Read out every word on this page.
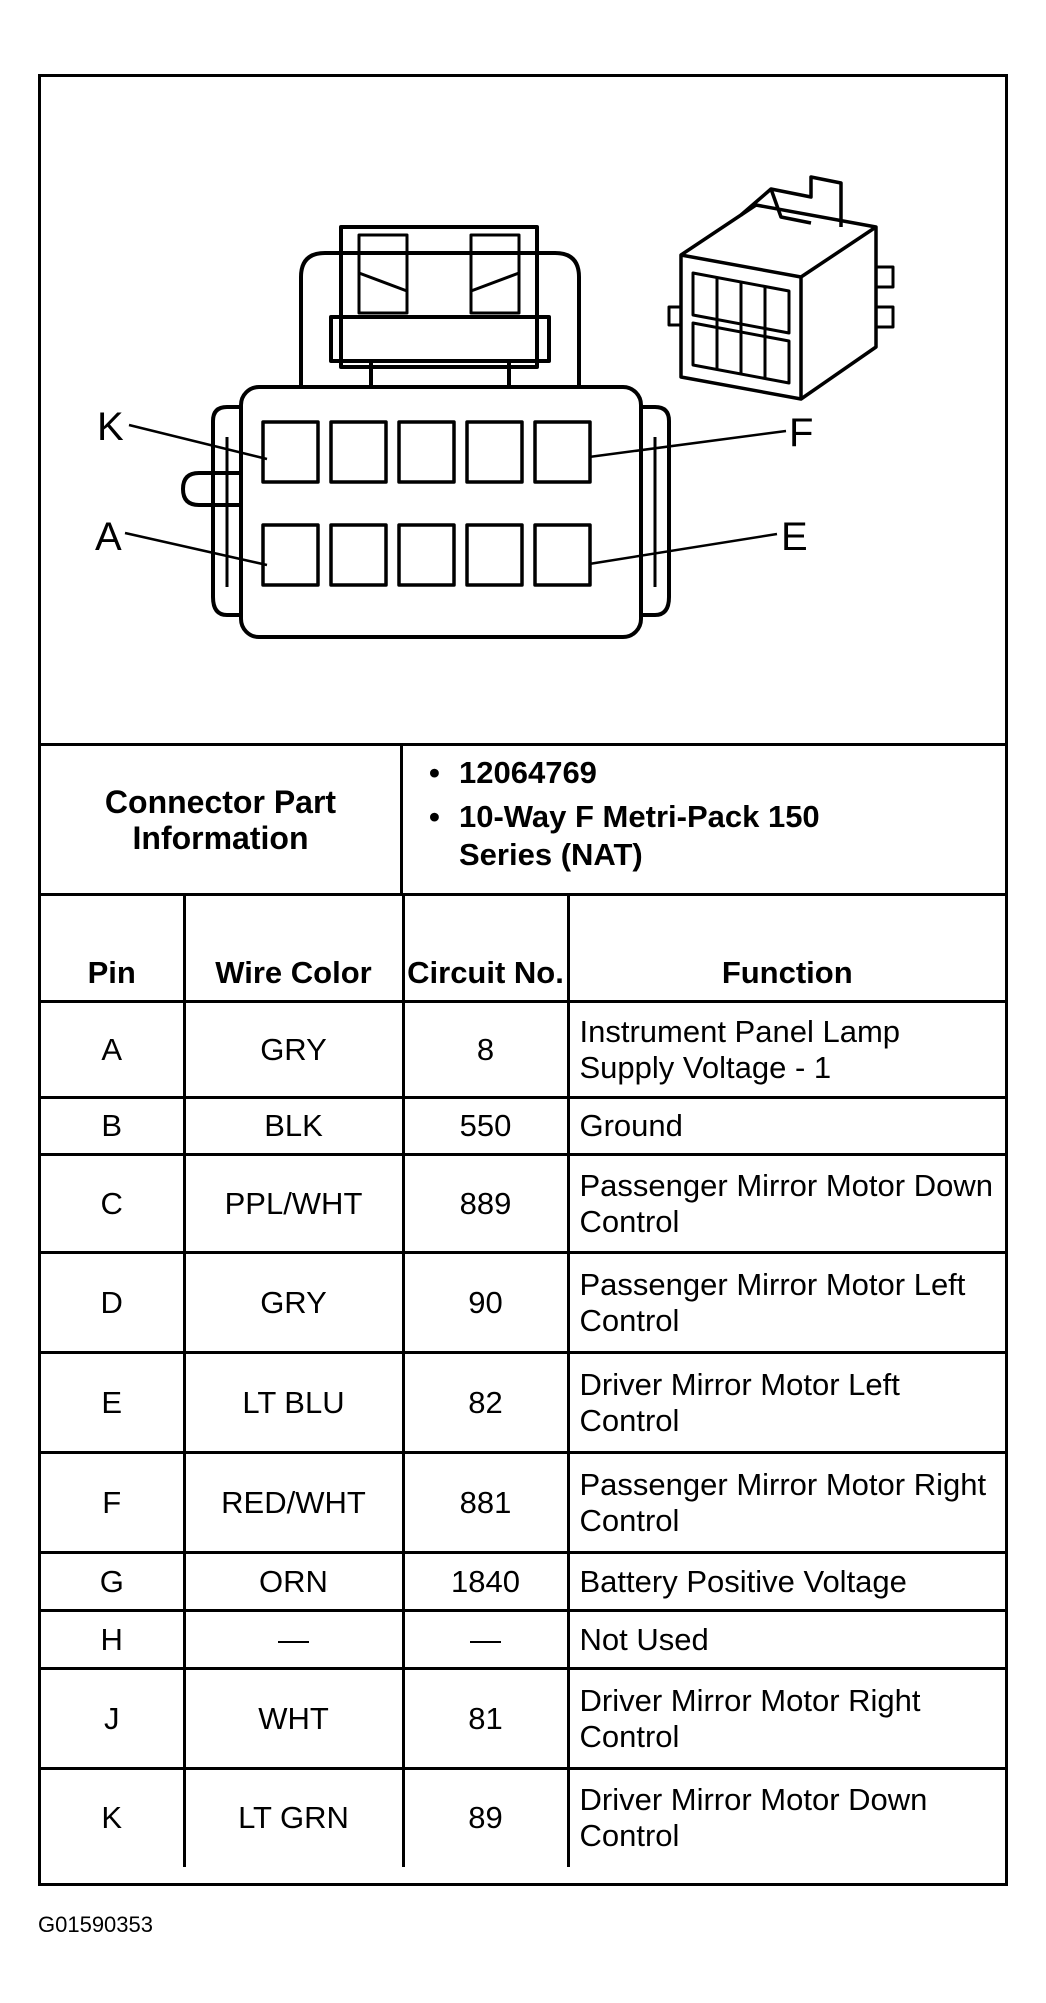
K	F
A	E
Connector Part Information
• 12064769
• 10-Way F Metri-Pack 150 Series (NAT)
Pin	Wire Color	Circuit No.	Function
A	GRY	8	Instrument Panel Lamp Supply Voltage - 1
B	BLK	550	Ground
C	PPL/WHT	889	Passenger Mirror Motor Down Control
D	GRY	90	Passenger Mirror Motor Left Control
E	LT BLU	82	Driver Mirror Motor Left Control
F	RED/WHT	881	Passenger Mirror Motor Right Control
G	ORN	1840	Battery Positive Voltage
H	—	—	Not Used
J	WHT	81	Driver Mirror Motor Right Control
K	LT GRN	89	Driver Mirror Motor Down Control
G01590353
